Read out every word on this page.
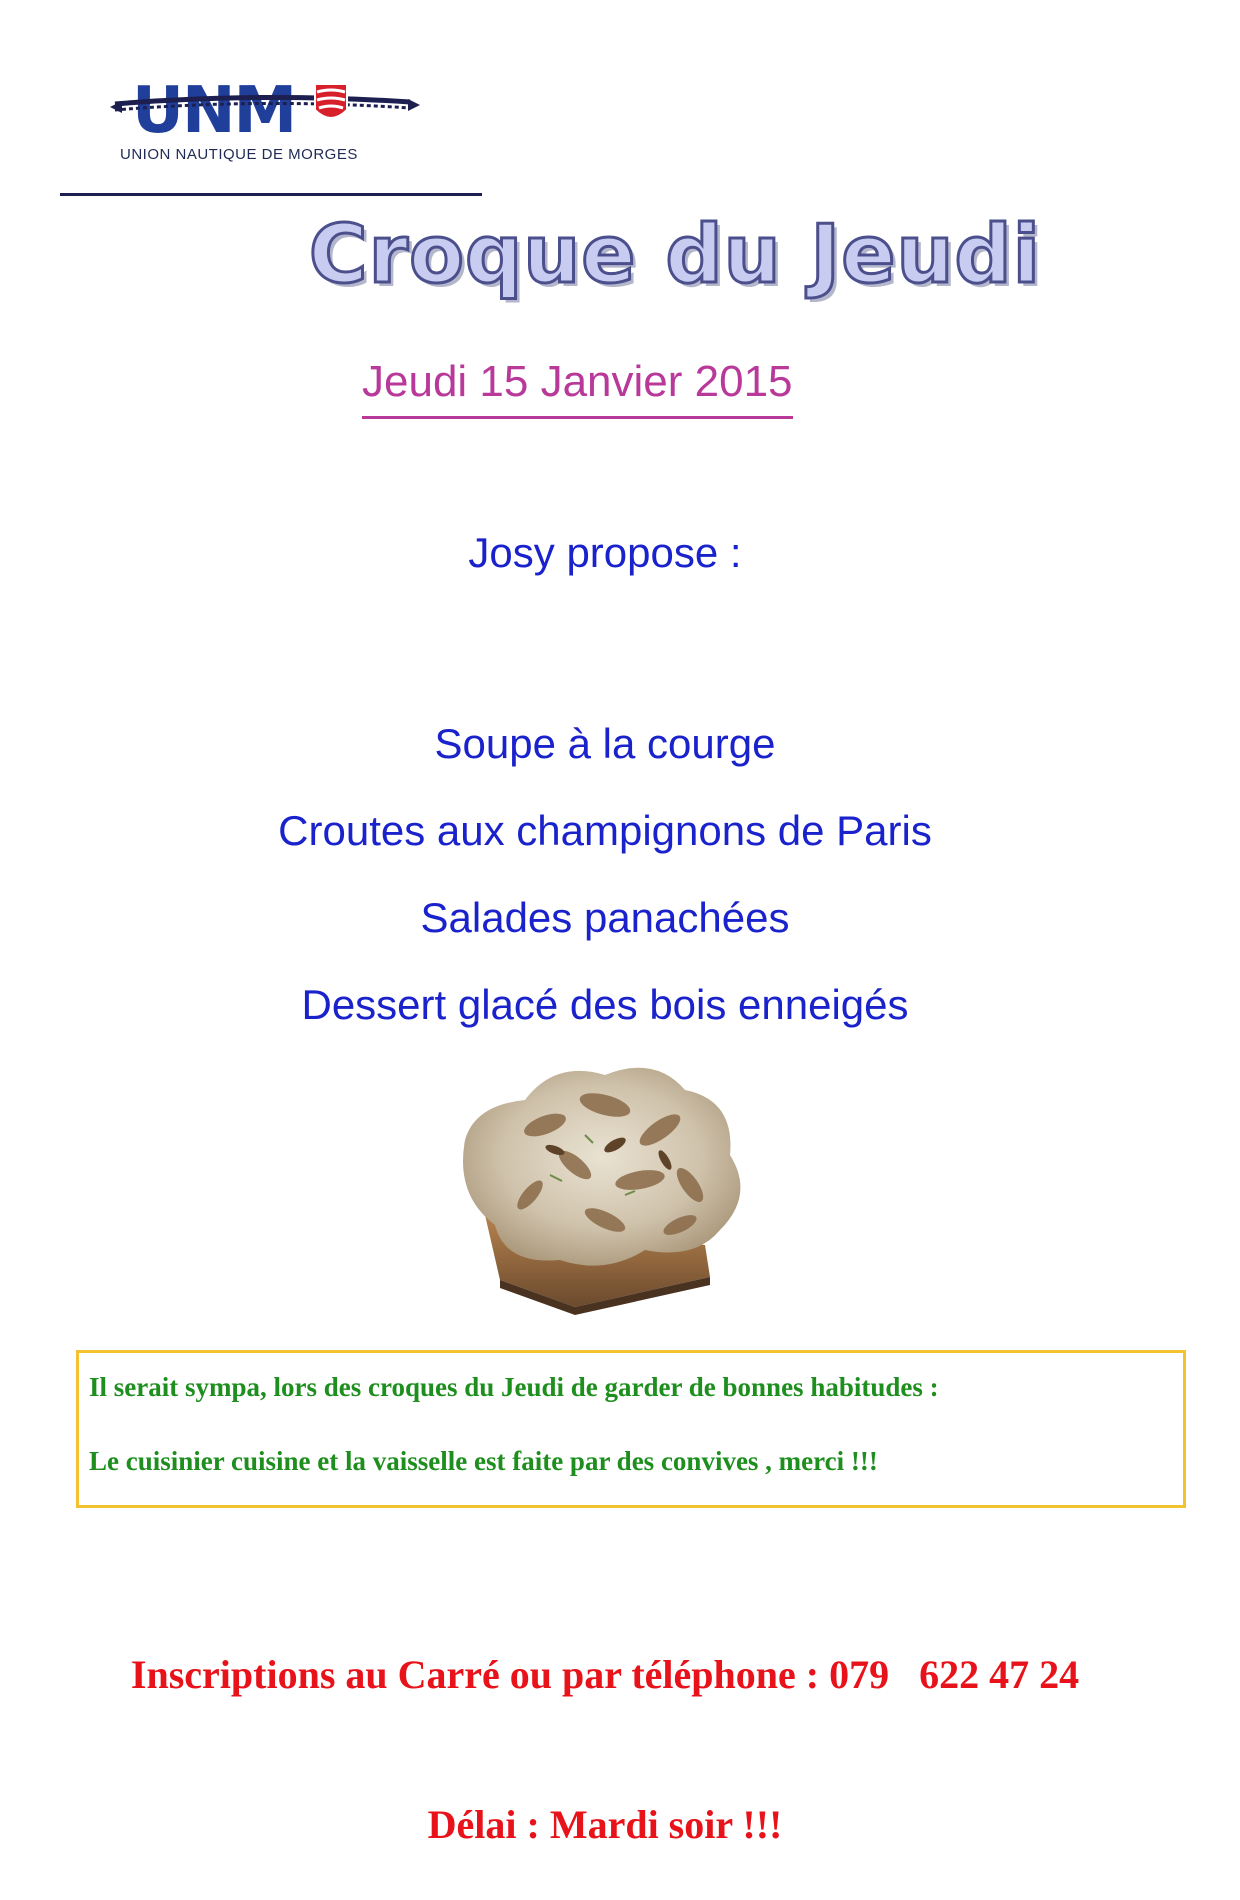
UNM
UNION NAUTIQUE DE MORGES
Croque du Jeudi
Jeudi 15 Janvier 2015
Josy propose :
Soupe à la courge
Croutes aux champignons de Paris
Salades panachées
Dessert glacé des bois enneigés

Il serait sympa, lors des croques du Jeudi de garder de bonnes habitudes :

Le cuisinier cuisine et la vaisselle est faite par des convives , merci !!!

Inscriptions au Carré ou par téléphone : 079   622 47 24

Délai : Mardi soir !!!
